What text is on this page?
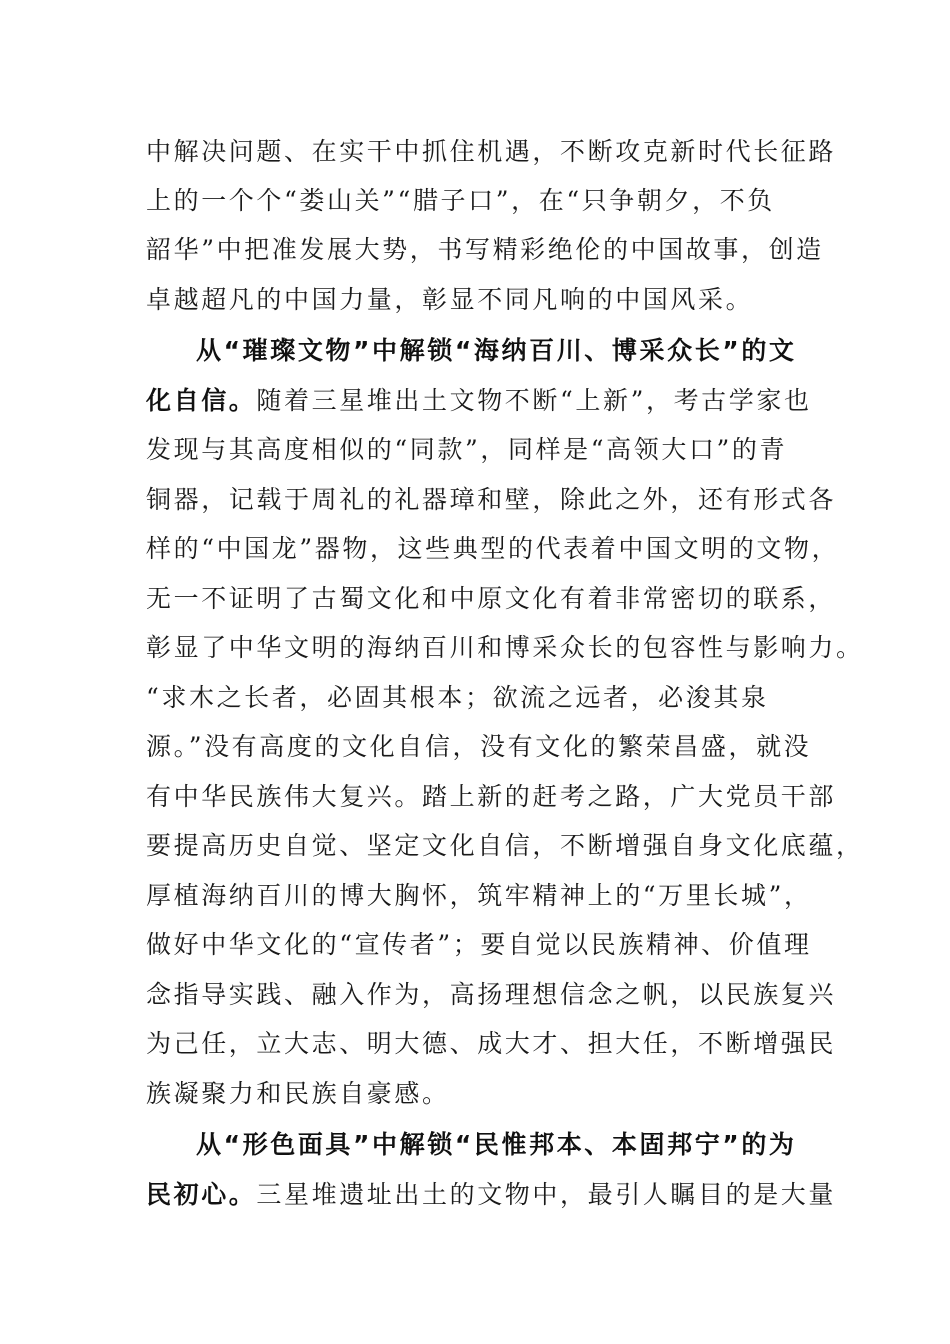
中解决问题、在实干中抓住机遇，不断攻克新时代长征路
上的一个个“娄山关”“腊子口”，在“只争朝夕，不负
韶华”中把准发展大势，书写精彩绝伦的中国故事，创造
卓越超凡的中国力量，彰显不同凡响的中国风采。
从“璀璨文物”中解锁“海纳百川、博采众长”的文
化自信。随着三星堆出土文物不断“上新”，考古学家也
发现与其高度相似的“同款”，同样是“高领大口”的青
铜器，记载于周礼的礼器璋和壁，除此之外，还有形式各
样的“中国龙”器物，这些典型的代表着中国文明的文物，
无一不证明了古蜀文化和中原文化有着非常密切的联系，
彰显了中华文明的海纳百川和博采众长的包容性与影响力。
“求木之长者，必固其根本；欲流之远者，必浚其泉
源。”没有高度的文化自信，没有文化的繁荣昌盛，就没
有中华民族伟大复兴。踏上新的赶考之路，广大党员干部
要提高历史自觉、坚定文化自信，不断增强自身文化底蕴，
厚植海纳百川的博大胸怀，筑牢精神上的“万里长城”，
做好中华文化的“宣传者”；要自觉以民族精神、价值理
念指导实践、融入作为，高扬理想信念之帆，以民族复兴
为己任，立大志、明大德、成大才、担大任，不断增强民
族凝聚力和民族自豪感。
从“形色面具”中解锁“民惟邦本、本固邦宁”的为
民初心。三星堆遗址出土的文物中，最引人瞩目的是大量
